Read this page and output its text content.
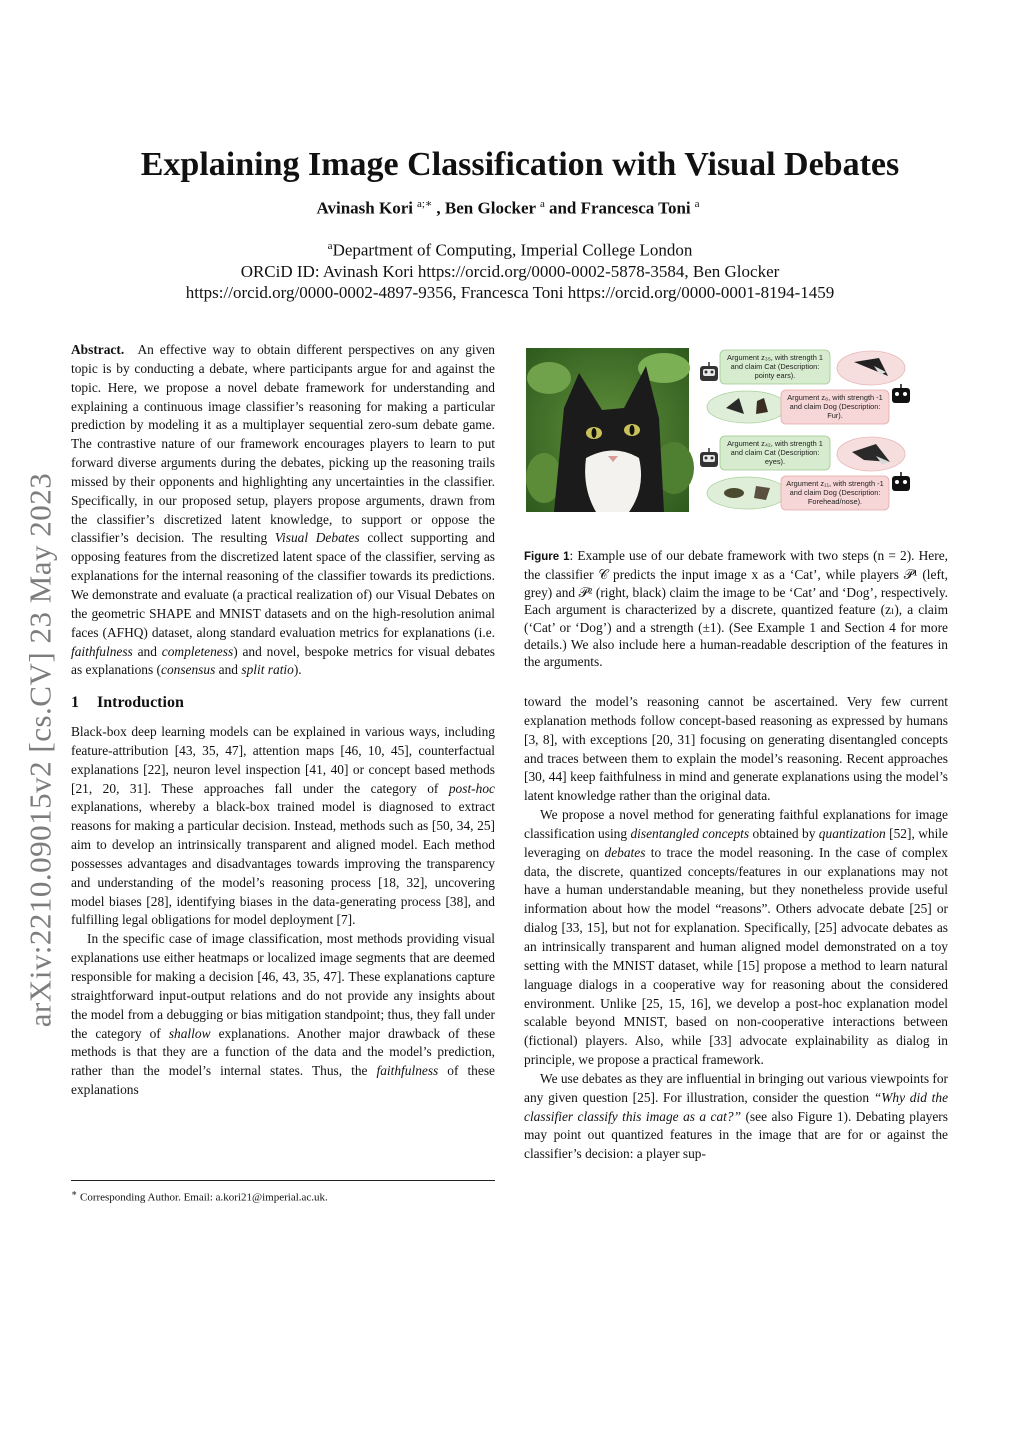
arXiv:2210.09015v2 [cs.CV] 23 May 2023
Explaining Image Classification with Visual Debates
Avinash Kori $^{a;∗}$ , Ben Glocker $^a$ and Francesca Toni $^a$
$^a$Department of Computing, Imperial College London
ORCiD ID: Avinash Kori https://orcid.org/0000-0002-5878-3584, Ben Glocker
https://orcid.org/0000-0002-4897-9356, Francesca Toni https://orcid.org/0000-0001-8194-1459

Abstract. An effective way to obtain different perspectives on any given topic is by conducting a debate, where participants argue for and against the topic. Here, we propose a novel debate framework for understanding and explaining a continuous image classifier’s reasoning for making a particular prediction by modeling it as a multiplayer sequential zero-sum debate game. The contrastive nature of our framework encourages players to learn to put forward diverse arguments during the debates, picking up the reasoning trails missed by their opponents and highlighting any uncertainties in the classifier. Specifically, in our proposed setup, players propose arguments, drawn from the classifier’s discretized latent knowledge, to support or oppose the classifier’s decision. The resulting Visual Debates collect supporting and opposing features from the discretized latent space of the classifier, serving as explanations for the internal reasoning of the classifier towards its predictions. We demonstrate and evaluate (a practical realization of) our Visual Debates on the geometric SHAPE and MNIST datasets and on the high-resolution animal faces (AFHQ) dataset, along standard evaluation metrics for explanations (i.e. faithfulness and completeness) and novel, bespoke metrics for visual debates as explanations (consensus and split ratio).

1 Introduction

Black-box deep learning models can be explained in various ways, including feature-attribution [43, 35, 47], attention maps [46, 10, 45], counterfactual explanations [22], neuron level inspection [41, 40] or concept based methods [21, 20, 31]. These approaches fall under the category of post-hoc explanations, whereby a black-box trained model is diagnosed to extract reasons for making a particular decision. Instead, methods such as [50, 34, 25] aim to develop an intrinsically transparent and aligned model. Each method possesses advantages and disadvantages towards improving the transparency and understanding of the model’s reasoning process [18, 32], uncovering model biases [28], identifying biases in the data-generating process [38], and fulfilling legal obligations for model deployment [7].

In the specific case of image classification, most methods providing visual explanations use either heatmaps or localized image segments that are deemed responsible for making a decision [46, 43, 35, 47]. These explanations capture straightforward input-output relations and do not provide any insights about the model from a debugging or bias mitigation standpoint; thus, they fall under the category of shallow explanations. Another major drawback of these methods is that they are a function of the data and the model’s prediction, rather than the model’s internal states. Thus, the faithfulness of these explanations

∗ Corresponding Author. Email: a.kori21@imperial.ac.uk.
Argument z₃₅, with strength 1
and claim Cat (Description:
pointy ears).
Argument z₈, with strength -1
and claim Dog (Description:
Fur).
Argument z₄₂, with strength 1
and claim Cat (Description:
eyes).
Argument z₁₁, with strength -1
and claim Dog (Description:
Forehead/nose).
Figure 1: Example use of our debate framework with two steps (n = 2). Here, the classifier 𝒞 predicts the input image x as a ‘Cat’, while players 𝒫¹ (left, grey) and 𝒫² (right, black) claim the image to be ‘Cat’ and ‘Dog’, respectively. Each argument is characterized by a discrete, quantized feature (zₗ), a claim (‘Cat’ or ‘Dog’) and a strength (±1). (See Example 1 and Section 4 for more details.) We also include here a human-readable description of the features in the arguments.

toward the model’s reasoning cannot be ascertained. Very few current explanation methods follow concept-based reasoning as expressed by humans [3, 8], with exceptions [20, 31] focusing on generating disentangled concepts and traces between them to explain the model’s reasoning. Recent approaches [30, 44] keep faithfulness in mind and generate explanations using the model’s latent knowledge rather than the original data.

We propose a novel method for generating faithful explanations for image classification using disentangled concepts obtained by quantization [52], while leveraging on debates to trace the model reasoning. In the case of complex data, the discrete, quantized concepts/features in our explanations may not have a human understandable meaning, but they nonetheless provide useful information about how the model “reasons”. Others advocate debate [25] or dialog [33, 15], but not for explanation. Specifically, [25] advocate debates as an intrinsically transparent and human aligned model demonstrated on a toy setting with the MNIST dataset, while [15] propose a method to learn natural language dialogs in a cooperative way for reasoning about the considered environment. Unlike [25, 15, 16], we develop a post-hoc explanation model scalable beyond MNIST, based on non-cooperative interactions between (fictional) players. Also, while [33] advocate explainability as dialog in principle, we propose a practical framework.

We use debates as they are influential in bringing out various viewpoints for any given question [25]. For illustration, consider the question “Why did the classifier classify this image as a cat?” (see also Figure 1). Debating players may point out quantized features in the image that are for or against the classifier’s decision: a player sup-
